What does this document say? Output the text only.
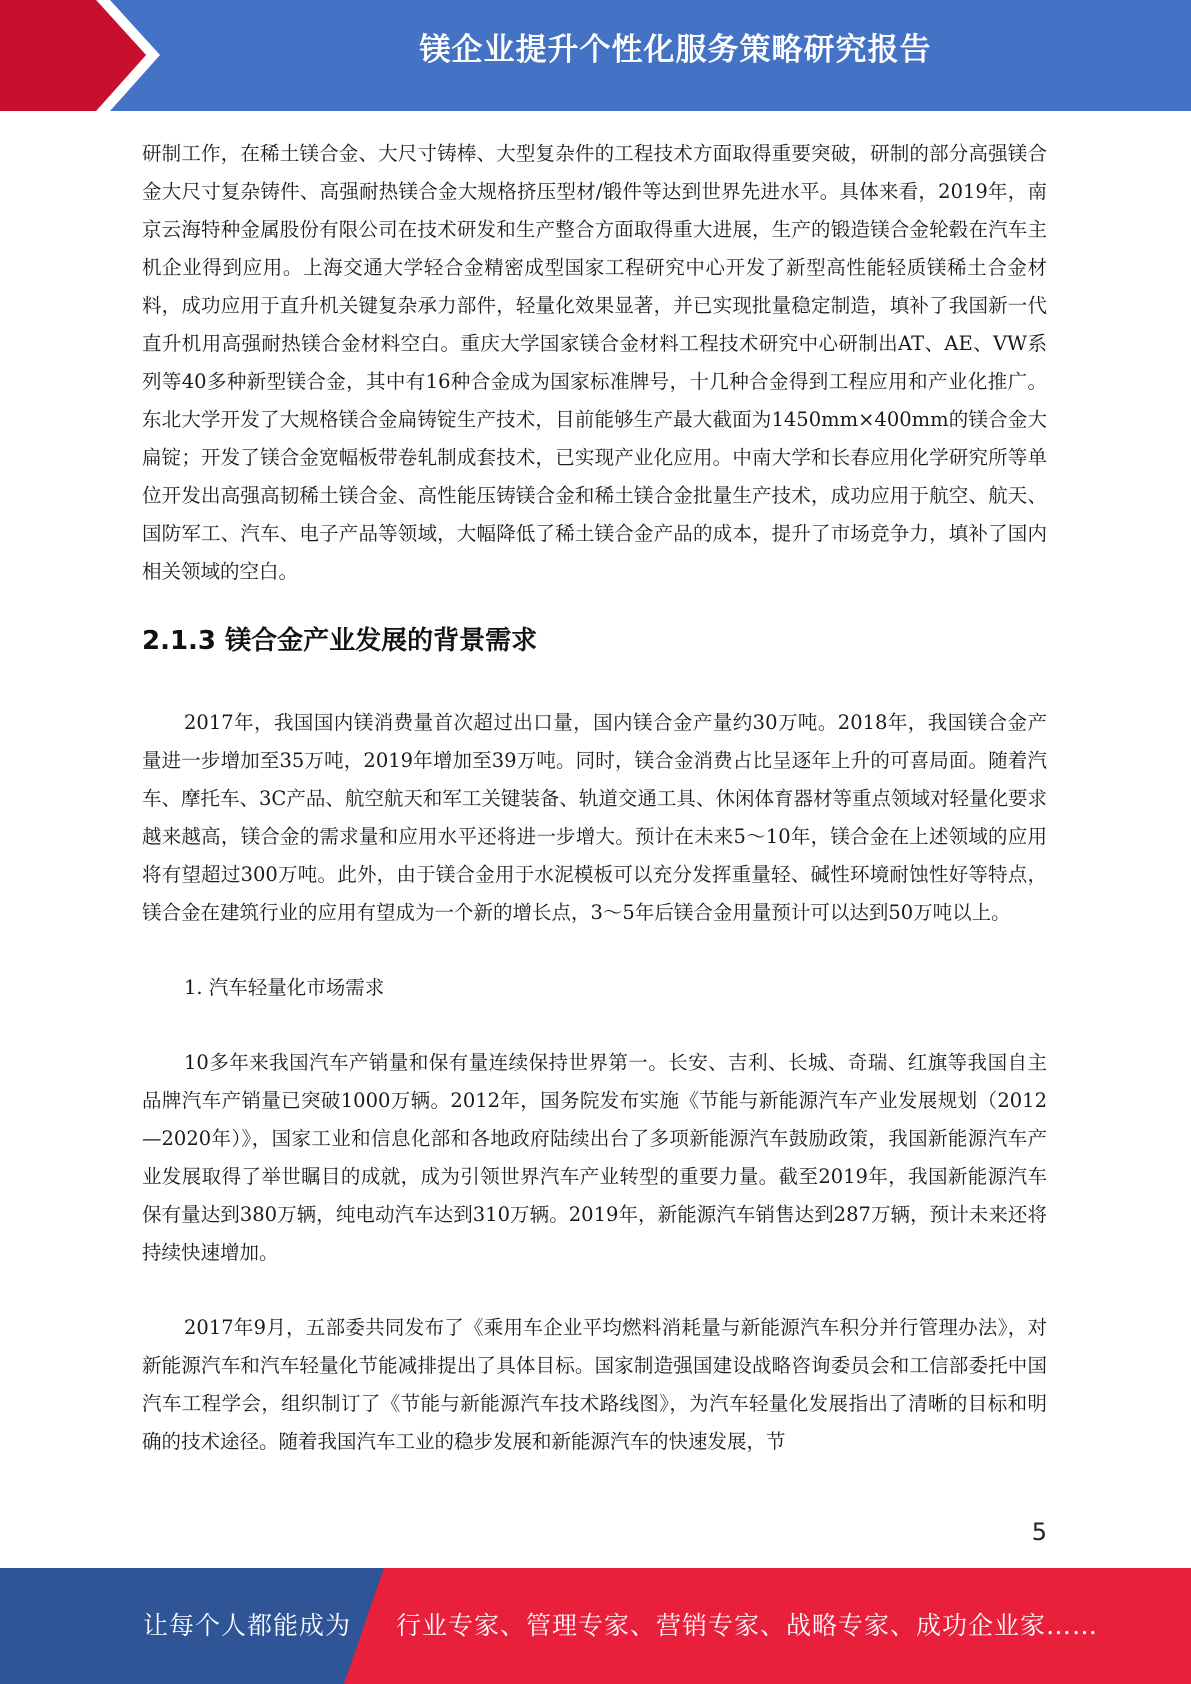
镁企业提升个性化服务策略研究报告

研制工作，在稀土镁合金、大尺寸铸棒、大型复杂件的工程技术方面取得重要突破，研制的部分高强镁合金大尺寸复杂铸件、高强耐热镁合金大规格挤压型材/锻件等达到世界先进水平。具体来看，2019年，南京云海特种金属股份有限公司在技术研发和生产整合方面取得重大进展，生产的锻造镁合金轮毂在汽车主机企业得到应用。上海交通大学轻合金精密成型国家工程研究中心开发了新型高性能轻质镁稀土合金材料，成功应用于直升机关键复杂承力部件，轻量化效果显著，并已实现批量稳定制造，填补了我国新一代直升机用高强耐热镁合金材料空白。重庆大学国家镁合金材料工程技术研究中心研制出AT、AE、VW系列等40多种新型镁合金，其中有16种合金成为国家标准牌号，十几种合金得到工程应用和产业化推广。东北大学开发了大规格镁合金扁铸锭生产技术，目前能够生产最大截面为1450mm×400mm的镁合金大扁锭；开发了镁合金宽幅板带卷轧制成套技术，已实现产业化应用。中南大学和长春应用化学研究所等单位开发出高强高韧稀土镁合金、高性能压铸镁合金和稀土镁合金批量生产技术，成功应用于航空、航天、国防军工、汽车、电子产品等领域，大幅降低了稀土镁合金产品的成本，提升了市场竞争力，填补了国内相关领域的空白。

2.1.3 镁合金产业发展的背景需求

2017年，我国国内镁消费量首次超过出口量，国内镁合金产量约30万吨。2018年，我国镁合金产量进一步增加至35万吨，2019年增加至39万吨。同时，镁合金消费占比呈逐年上升的可喜局面。随着汽车、摩托车、3C产品、航空航天和军工关键装备、轨道交通工具、休闲体育器材等重点领域对轻量化要求越来越高，镁合金的需求量和应用水平还将进一步增大。预计在未来5～10年，镁合金在上述领域的应用将有望超过300万吨。此外，由于镁合金用于水泥模板可以充分发挥重量轻、碱性环境耐蚀性好等特点，镁合金在建筑行业的应用有望成为一个新的增长点，3～5年后镁合金用量预计可以达到50万吨以上。

1. 汽车轻量化市场需求

10多年来我国汽车产销量和保有量连续保持世界第一。长安、吉利、长城、奇瑞、红旗等我国自主品牌汽车产销量已突破1000万辆。2012年，国务院发布实施《节能与新能源汽车产业发展规划（2012—2020年）》，国家工业和信息化部和各地政府陆续出台了多项新能源汽车鼓励政策，我国新能源汽车产业发展取得了举世瞩目的成就，成为引领世界汽车产业转型的重要力量。截至2019年，我国新能源汽车保有量达到380万辆，纯电动汽车达到310万辆。2019年，新能源汽车销售达到287万辆，预计未来还将持续快速增加。

2017年9月，五部委共同发布了《乘用车企业平均燃料消耗量与新能源汽车积分并行管理办法》，对新能源汽车和汽车轻量化节能减排提出了具体目标。国家制造强国建设战略咨询委员会和工信部委托中国汽车工程学会，组织制订了《节能与新能源汽车技术路线图》，为汽车轻量化发展指出了清晰的目标和明确的技术途径。随着我国汽车工业的稳步发展和新能源汽车的快速发展，节

5
让每个人都能成为 行业专家、管理专家、营销专家、战略专家、成功企业家……
